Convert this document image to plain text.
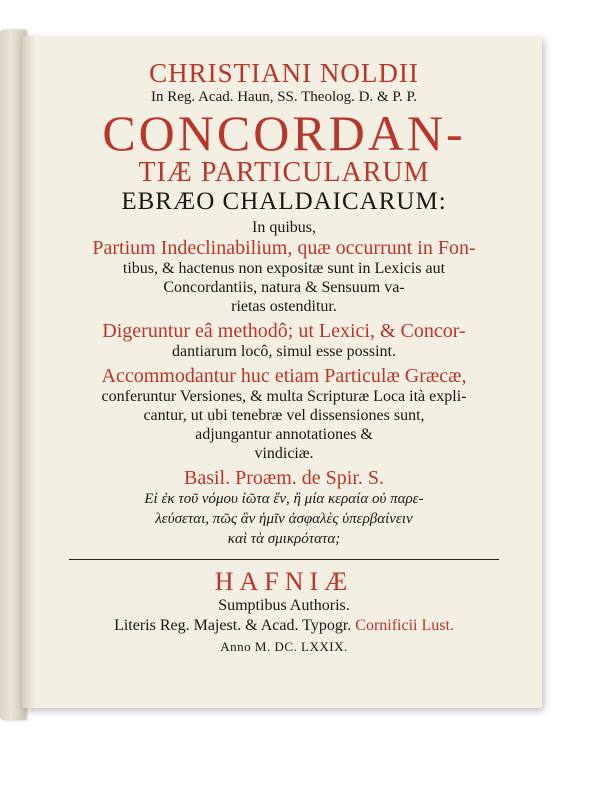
CHRISTIANI NOLDII

In Reg. Acad. Haun, SS. Theolog. D. & P. P.

CONCORDAN-

TIÆ PARTICULARUM

EBRÆO CHALDAICARUM:

In quibus,

Partium Indeclinabilium, quæ occurrunt in Fon-

tibus, & hactenus non expositæ sunt in Lexicis aut

Concordantiis, natura & Sensuum va-

rietas ostenditur.

Digeruntur eâ methodô; ut Lexici, & Concor-

dantiarum locô, simul esse possint.

Accommodantur huc etiam Particulæ Græcæ,

conferuntur Versiones, & multa Scripturæ Loca ità expli-

cantur, ut ubi tenebræ vel dissensiones sunt,

adjungantur annotationes &

vindiciæ.

Basil. Proæm. de Spir. S.

Εἰ ἐκ τοῦ νόμου ἰῶτα ἕν, ἢ μία κεραία οὐ παρε-

λεύσεται, πῶς ἂν ἡμῖν ἀσφαλὲς ὑπερβαίνειν

καὶ τὰ σμικρότατα;

HAFNIÆ

Sumptibus Authoris.

Literis Reg. Majest. & Acad. Typogr. Cornificii Lust.

Anno M. DC. LXXIX.
